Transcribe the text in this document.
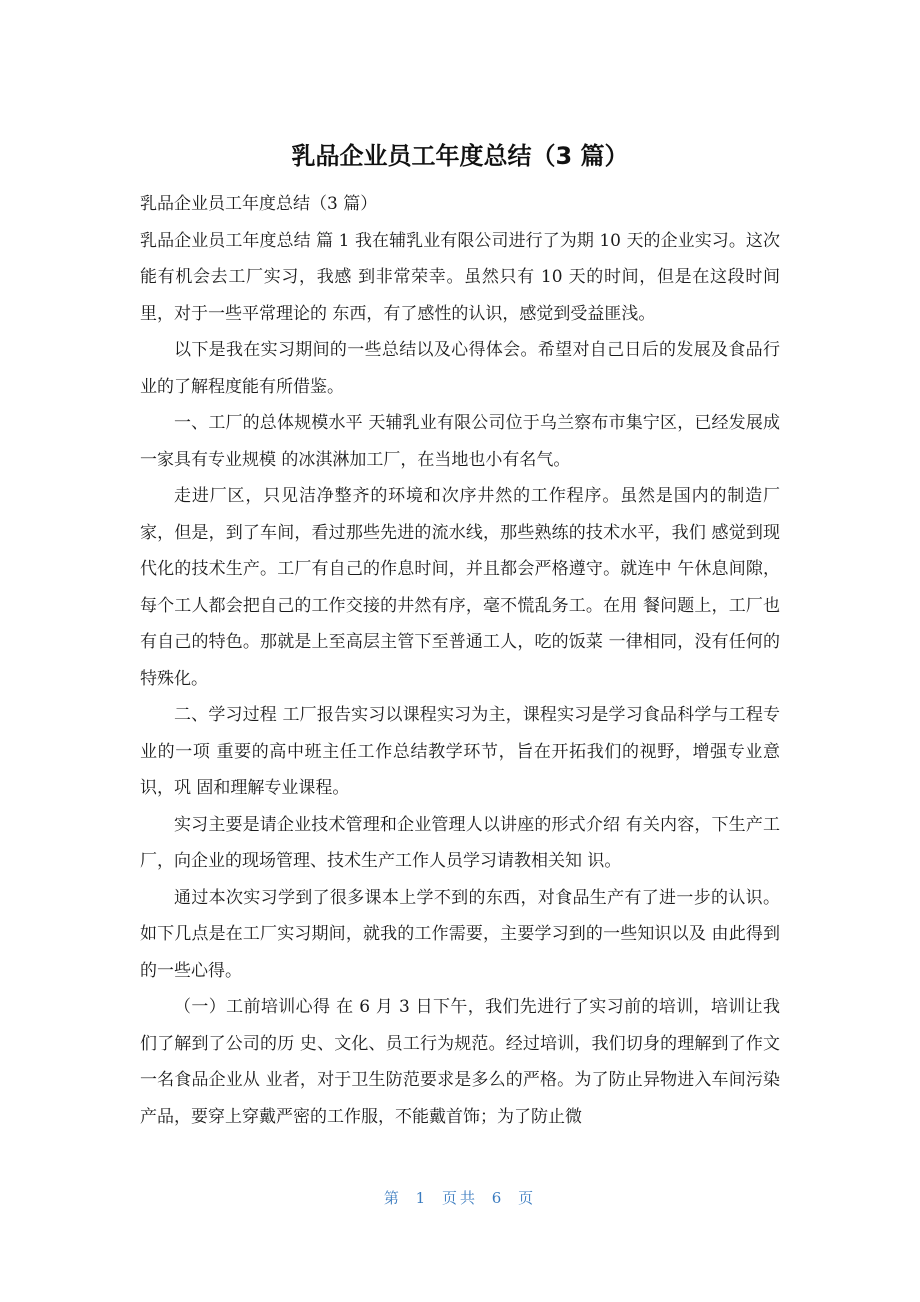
乳品企业员工年度总结（3 篇）

乳品企业员工年度总结（3 篇）

乳品企业员工年度总结 篇 1 我在辅乳业有限公司进行了为期 10 天的企业实习。这次能有机会去工厂实习，我感 到非常荣幸。虽然只有 10 天的时间，但是在这段时间里，对于一些平常理论的 东西，有了感性的认识，感觉到受益匪浅。

以下是我在实习期间的一些总结以及心得体会。希望对自己日后的发展及食品行业的了解程度能有所借鉴。

一、工厂的总体规模水平 天辅乳业有限公司位于乌兰察布市集宁区，已经发展成一家具有专业规模 的冰淇淋加工厂，在当地也小有名气。

走进厂区，只见洁净整齐的环境和次序井然的工作程序。虽然是国内的制造厂家，但是，到了车间，看过那些先进的流水线，那些熟练的技术水平，我们 感觉到现代化的技术生产。工厂有自己的作息时间，并且都会严格遵守。就连中 午休息间隙，每个工人都会把自己的工作交接的井然有序，毫不慌乱务工。在用 餐问题上，工厂也有自己的特色。那就是上至高层主管下至普通工人，吃的饭菜 一律相同，没有任何的特殊化。

二、学习过程 工厂报告实习以课程实习为主，课程实习是学习食品科学与工程专业的一项 重要的高中班主任工作总结教学环节，旨在开拓我们的视野，增强专业意识，巩 固和理解专业课程。

实习主要是请企业技术管理和企业管理人以讲座的形式介绍 有关内容，下生产工厂，向企业的现场管理、技术生产工作人员学习请教相关知 识。

通过本次实习学到了很多课本上学不到的东西，对食品生产有了进一步的认识。如下几点是在工厂实习期间，就我的工作需要，主要学习到的一些知识以及 由此得到的一些心得。

（一）工前培训心得 在 6 月 3 日下午，我们先进行了实习前的培训，培训让我们了解到了公司的历 史、文化、员工行为规范。经过培训，我们切身的理解到了作文一名食品企业从 业者，对于卫生防范要求是多么的严格。为了防止异物进入车间污染产品，要穿上穿戴严密的工作服，不能戴首饰；为了防止微

第 1 页共 6 页
